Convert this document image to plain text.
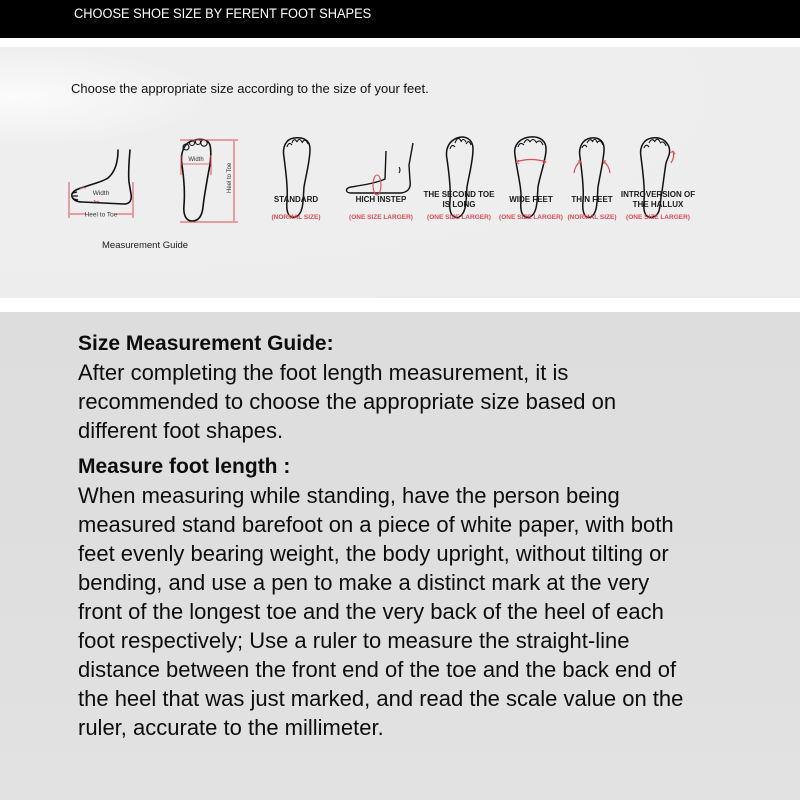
CHOOSE SHOE SIZE BY FERENT FOOT SHAPES
Choose the appropriate size according to the size of your feet.
Heel to Toe
Width
Width
Heel to Toe
Measurement Guide
STANDARD
(NORMAL SIZE)
HICH INSTEP
(ONE SIZE LARGER)
THE SECOND TOE IS LONG
(ONE SIZE LARGER)
WIDE FEET
(ONE SIZE LARGER)
THIN FEET
(NORMAL SIZE)
INTROVERSION OF THE HALLUX
(ONE SIZE LARGER)
Size Measurement Guide:

After completing the foot length measurement, it is recommended to choose the appropriate size based on different foot shapes.

Measure foot length :

When measuring while standing, have the person being measured stand barefoot on a piece of white paper, with both feet evenly bearing weight, the body upright, without tilting or bending, and use a pen to make a distinct mark at the very front of the longest toe and the very back of the heel of each foot respectively; Use a ruler to measure the straight-line distance between the front end of the toe and the back end of the heel that was just marked, and read the scale value on the ruler, accurate to the millimeter.
